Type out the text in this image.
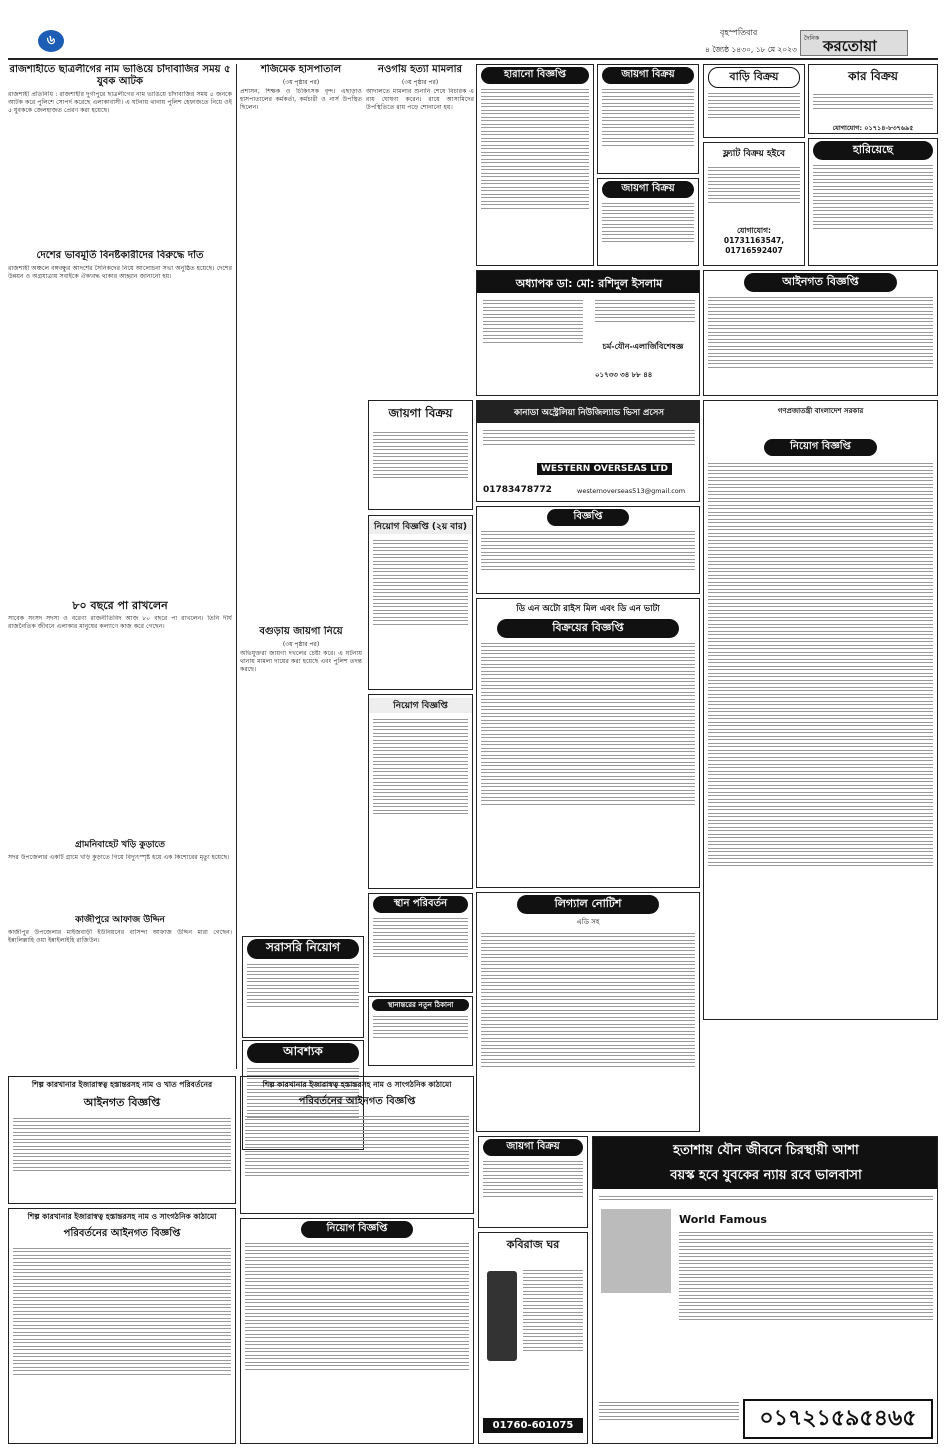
৬
বৃহস্পতিবার
৪ জ্যৈষ্ঠ ১৪৩০, ১৮ মে ২০২৩
দৈনিক করতোয়া
রাজশাহীতে ছাত্রলীগের নাম ভাঙিয়ে চাঁদাবাজির সময় ৫ যুবক আটক
রাজশাহী প্রতিনিধি : রাজশাহীর দুর্গাপুরে ছাত্রলীগের নাম ভাঙিয়ে চাঁদাবাজির সময় ৫ জনকে আটক করে পুলিশে সোপর্দ করেছে এলাকাবাসী। এ ঘটনায় থানায় পুলিশ হেফাজতে নিয়ে ওই ৫ যুবককে জেলহাজত প্রেরণ করা হয়েছে।
দেশের ভাবমূর্তি বিনষ্টকারীদের বিরুদ্ধে দাঁত
রাজশাহী অঞ্চলে বঙ্গবন্ধুর আদর্শের সৈনিকদের নিয়ে আলোচনা সভা অনুষ্ঠিত হয়েছে। দেশের উন্নয়ন ও অগ্রযাত্রায় সবাইকে ঐক্যবদ্ধ থাকার আহ্বান জানানো হয়।
৮০ বছরে পা রাখলেন
সাবেক সংসদ সদস্য ও বরেণ্য রাজনীতিবিদ আজ ৮০ বছরে পা রাখলেন। তিনি দীর্ঘ রাজনৈতিক জীবনে এলাকার মানুষের কল্যাণে কাজ করে গেছেন।
গ্রামনিবাহেট খড়ি কুড়াতে
সদর উপজেলার একটি গ্রামে খড়ি কুড়াতে গিয়ে বিদ্যুৎস্পৃষ্ট হয়ে এক কিশোরের মৃত্যু হয়েছে।
কাজীপুরে আফাজ উদ্দিন
কাজীপুর উপজেলার মাইজবাড়ী ইউনিয়নের বাসিন্দা আফাজ উদ্দিন মারা গেছেন। ইন্নালিল্লাহি ওয়া ইন্নাইলাইহি রাজিউন।
শজিমেক হাসপাতাল
(৩য় পৃষ্ঠার পর)
প্রশাসন, শিক্ষক ও চিকিৎসক বৃন্দ। এছাড়াও হাসপাতালের কর্মকর্তা, কর্মচারী ও নার্স উপস্থিত ছিলেন।
বগুড়ায় জায়গা নিয়ে
(৩য় পৃষ্ঠার পর)
অভিযুক্তরা জায়গা দখলের চেষ্টা করে। এ ঘটনায় থানায় মামলা দায়ের করা হয়েছে এবং পুলিশ তদন্ত করছে।
নওগাঁয় হত্যা মামলার
(৩য় পৃষ্ঠার পর)
আদালতে মামলার শুনানি শেষে বিচারক এ রায় ঘোষণা করেন। রায়ে আসামিদের উপস্থিতিতে রায় পড়ে শোনানো হয়।
সরাসরি নিয়োগ
আবশ্যক
জায়গা বিক্রয়
নিয়োগ বিজ্ঞপ্তি (২য় বার)
নিয়োগ বিজ্ঞপ্তি
স্থান পরিবর্তন
স্থানান্তরের নতুন ঠিকানা
হারানো বিজ্ঞপ্তি	জায়গা বিক্রয়
জায়গা বিক্রয়
বাড়ি বিক্রয়
ফ্ল্যাট বিক্রয় হইবে
যোগাযোগ: 01731163547, 01716592407
কার বিক্রয়
যোগাযোগ: ০১৭১৪-৮৩৭৬৯৫
হারিয়েছে
অধ্যাপক ডা: মো: রশিদুল ইসলাম
চর্ম-যৌন-এলার্জিবিশেষজ্ঞ
০১৭৩৩ ৩৪ ৮৮ ৪৪
আইনগত বিজ্ঞপ্তি
কানাডা অস্ট্রেলিয়া নিউজিল্যান্ড ভিসা প্রসেস
WESTERN OVERSEAS LTD
01783478772	westernoverseas513@gmail.com
গণপ্রজাতন্ত্রী বাংলাদেশ সরকার
নিয়োগ বিজ্ঞপ্তি
বিজ্ঞপ্তি
ডি এন অটো রাইস মিল এবং ডি এন ভাটা
বিক্রয়ের বিজ্ঞপ্তি
লিগ্যাল নোটিশ
এডি সহ
শিল্প কারখানার ইজারাস্বত্ব হস্তান্তরসহ নাম ও খাত পরিবর্তনের
আইনগত বিজ্ঞপ্তি
শিল্প কারখানার ইজারাস্বত্ব হস্তান্তরসহ নাম ও সাংগঠনিক কাঠামো
পরিবর্তনের আইনগত বিজ্ঞপ্তি
শিল্প কারখানার ইজারাস্বত্ব হস্তান্তরসহ নাম ও সাংগঠনিক কাঠামো
পরিবর্তনের আইনগত বিজ্ঞপ্তি
নিয়োগ বিজ্ঞপ্তি
জায়গা বিক্রয়
কবিরাজ ঘর
01760-601075
হতাশায় যৌন জীবনে চিরস্থায়ী আশা
বয়স্ক হবে যুবকের ন্যায় রবে ভালবাসা
World Famous
০১৭২১৫৯৫৪৬৫
